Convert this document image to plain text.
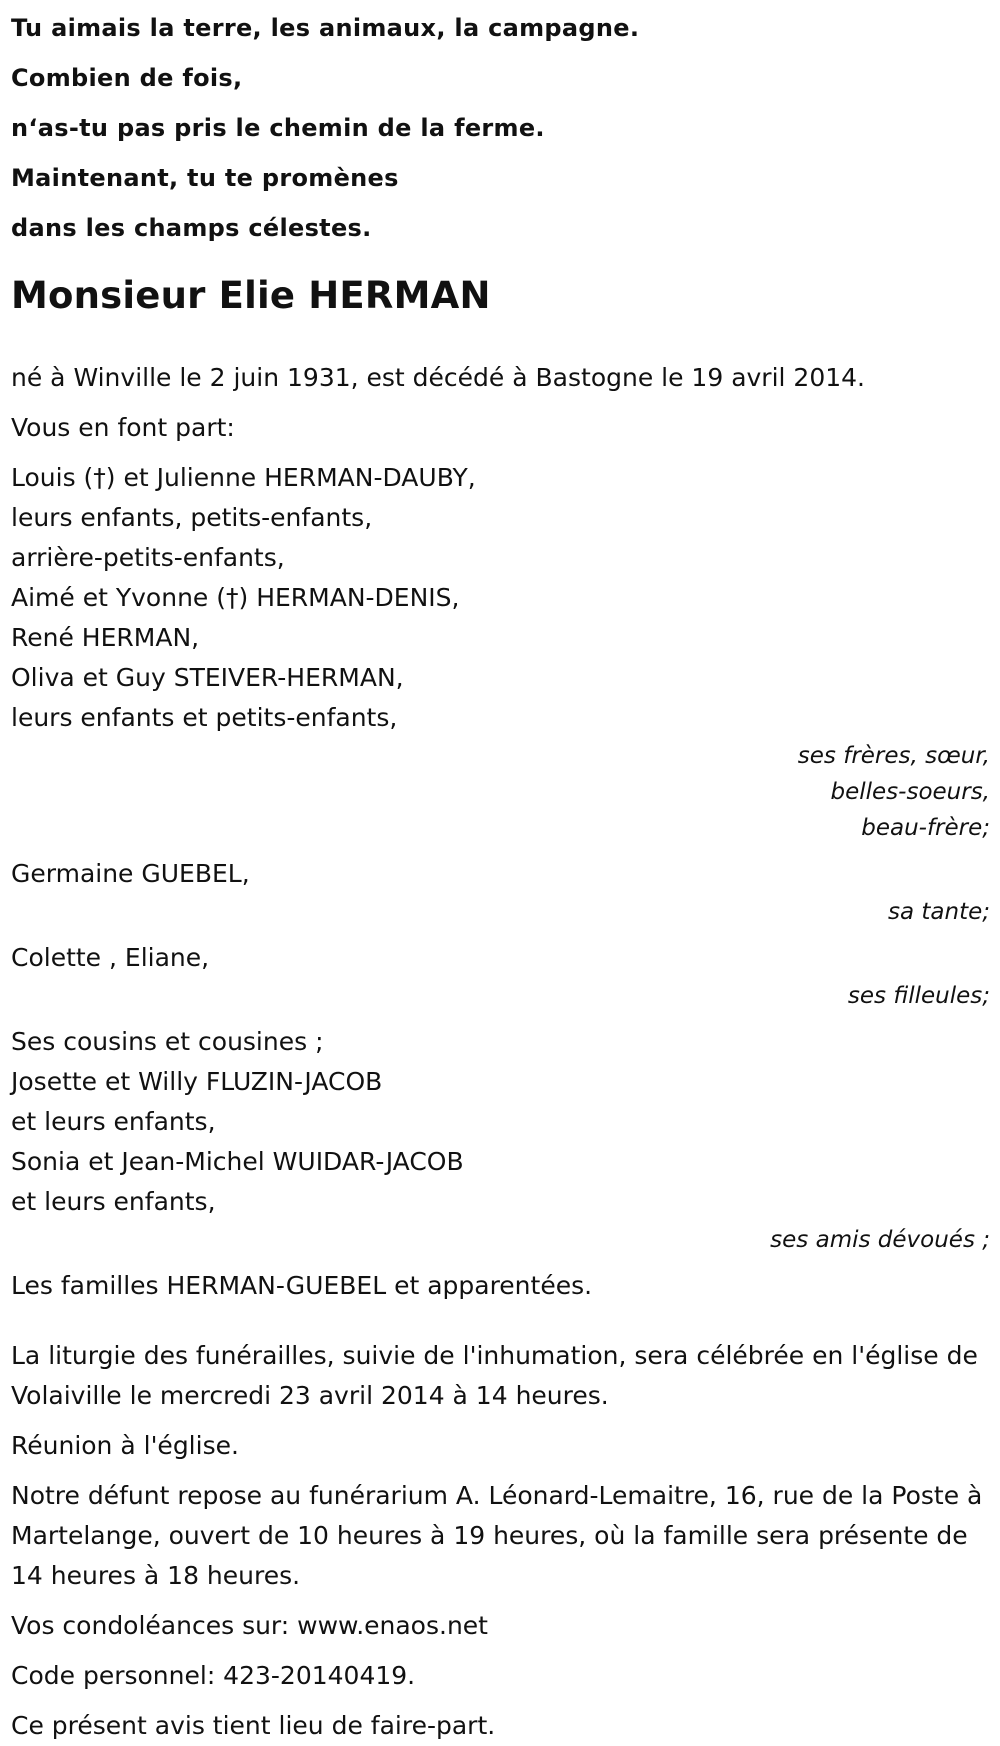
Tu aimais la terre, les animaux, la campagne.
Combien de fois,
n‘as-tu pas pris le chemin de la ferme.
Maintenant, tu te promènes
dans les champs célestes.
Monsieur Elie HERMAN
né à Winville le 2 juin 1931, est décédé à Bastogne le 19 avril 2014.
Vous en font part:
Louis (†) et Julienne HERMAN-DAUBY,
leurs enfants, petits-enfants,
arrière-petits-enfants,
Aimé et Yvonne (†) HERMAN-DENIS,
René HERMAN,
Oliva et Guy STEIVER-HERMAN,
leurs enfants et petits-enfants,
ses frères, sœur,
belles-soeurs,
beau-frère;
Germaine GUEBEL,
sa tante;
Colette , Eliane,
ses filleules;
Ses cousins et cousines ;
Josette et Willy FLUZIN-JACOB
et leurs enfants,
Sonia et Jean-Michel WUIDAR-JACOB
et leurs enfants,
ses amis dévoués ;
Les familles HERMAN-GUEBEL et apparentées.
La liturgie des funérailles, suivie de l'inhumation, sera célébrée en l'église de Volaiville le mercredi 23 avril 2014 à 14 heures.
Réunion à l'église.
Notre défunt repose au funérarium A. Léonard-Lemaitre, 16, rue de la Poste à Martelange, ouvert de 10 heures à 19 heures, où la famille sera présente de 14 heures à 18 heures.
Vos condoléances sur: www.enaos.net
Code personnel: 423-20140419.
Ce présent avis tient lieu de faire-part.
